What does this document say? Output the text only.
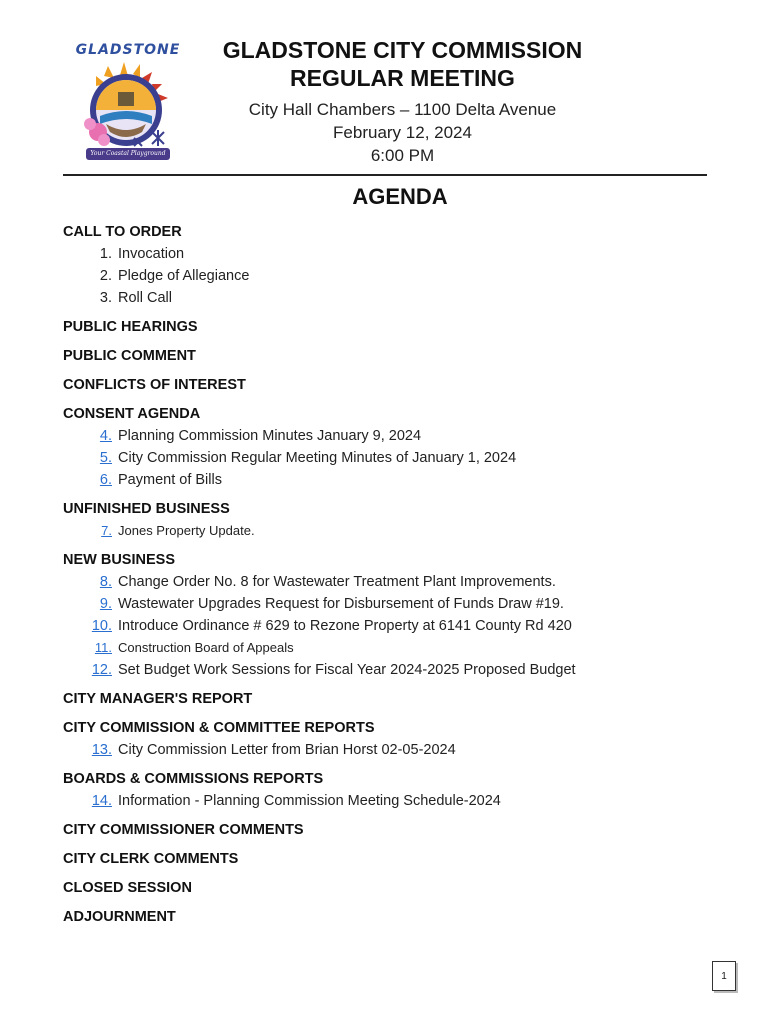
GLADSTONE
Your Coastal Playground
GLADSTONE CITY COMMISSION
REGULAR MEETING
City Hall Chambers – 1100 Delta Avenue
February 12, 2024
6:00 PM
AGENDA
CALL TO ORDER
1. Invocation
2. Pledge of Allegiance
3. Roll Call
PUBLIC HEARINGS
PUBLIC COMMENT
CONFLICTS OF INTEREST
CONSENT AGENDA
4. Planning Commission Minutes January 9, 2024
5. City Commission Regular Meeting Minutes of January 1, 2024
6. Payment of Bills
UNFINISHED BUSINESS
7. Jones Property Update.
NEW BUSINESS
8. Change Order No. 8 for Wastewater Treatment Plant Improvements.
9. Wastewater Upgrades Request for Disbursement of Funds Draw #19.
10. Introduce Ordinance # 629 to Rezone Property at 6141 County Rd 420
11. Construction Board of Appeals
12. Set Budget Work Sessions for Fiscal Year 2024-2025 Proposed Budget
CITY MANAGER'S REPORT
CITY COMMISSION & COMMITTEE REPORTS
13. City Commission Letter from Brian Horst 02-05-2024
BOARDS & COMMISSIONS REPORTS
14. Information - Planning Commission Meeting Schedule-2024
CITY COMMISSIONER COMMENTS
CITY CLERK COMMENTS
CLOSED SESSION
ADJOURNMENT
1
